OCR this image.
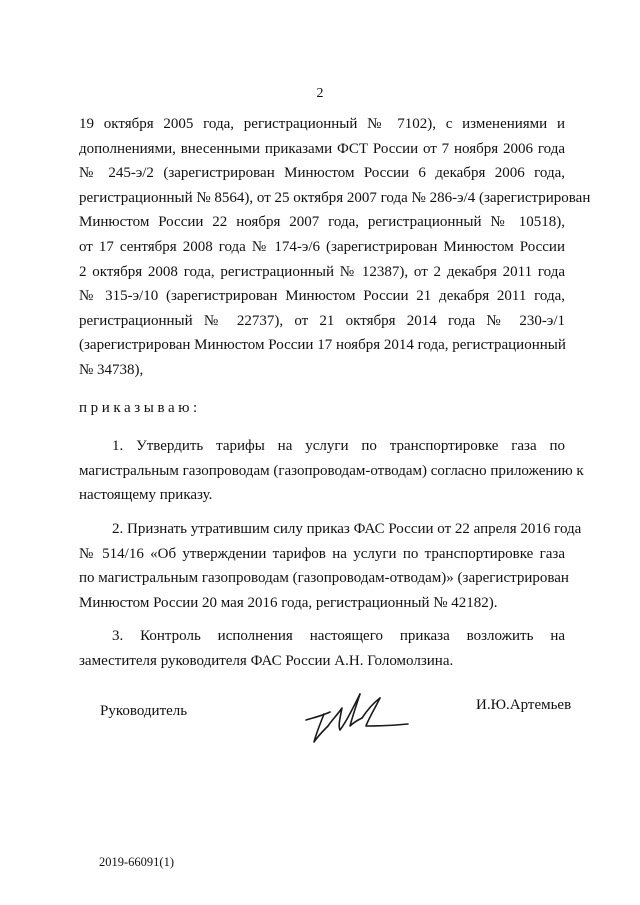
2
19 октября 2005 года, регистрационный № 7102), с изменениями и
дополнениями, внесенными приказами ФСТ России от 7 ноября 2006 года
№ 245-э/2 (зарегистрирован Минюстом России 6 декабря 2006 года,
регистрационный № 8564), от 25 октября 2007 года № 286-э/4 (зарегистрирован
Минюстом России 22 ноября 2007 года, регистрационный № 10518),
от 17 сентября 2008 года № 174-э/6 (зарегистрирован Минюстом России
2 октября 2008 года, регистрационный № 12387), от 2 декабря 2011 года
№ 315-э/10 (зарегистрирован Минюстом России 21 декабря 2011 года,
регистрационный № 22737), от 21 октября 2014 года № 230-э/1
(зарегистрирован Минюстом России 17 ноября 2014 года, регистрационный
№ 34738),
приказываю:
1. Утвердить тарифы на услуги по транспортировке газа по
магистральным газопроводам (газопроводам-отводам) согласно приложению к
настоящему приказу.
2. Признать утратившим силу приказ ФАС России от 22 апреля 2016 года
№ 514/16 «Об утверждении тарифов на услуги по транспортировке газа
по магистральным газопроводам (газопроводам-отводам)» (зарегистрирован
Минюстом России 20 мая 2016 года, регистрационный № 42182).
3. Контроль исполнения настоящего приказа возложить на
заместителя руководителя ФАС России А.Н. Голомолзина.
Руководитель	И.Ю.Артемьев
2019-66091(1)
